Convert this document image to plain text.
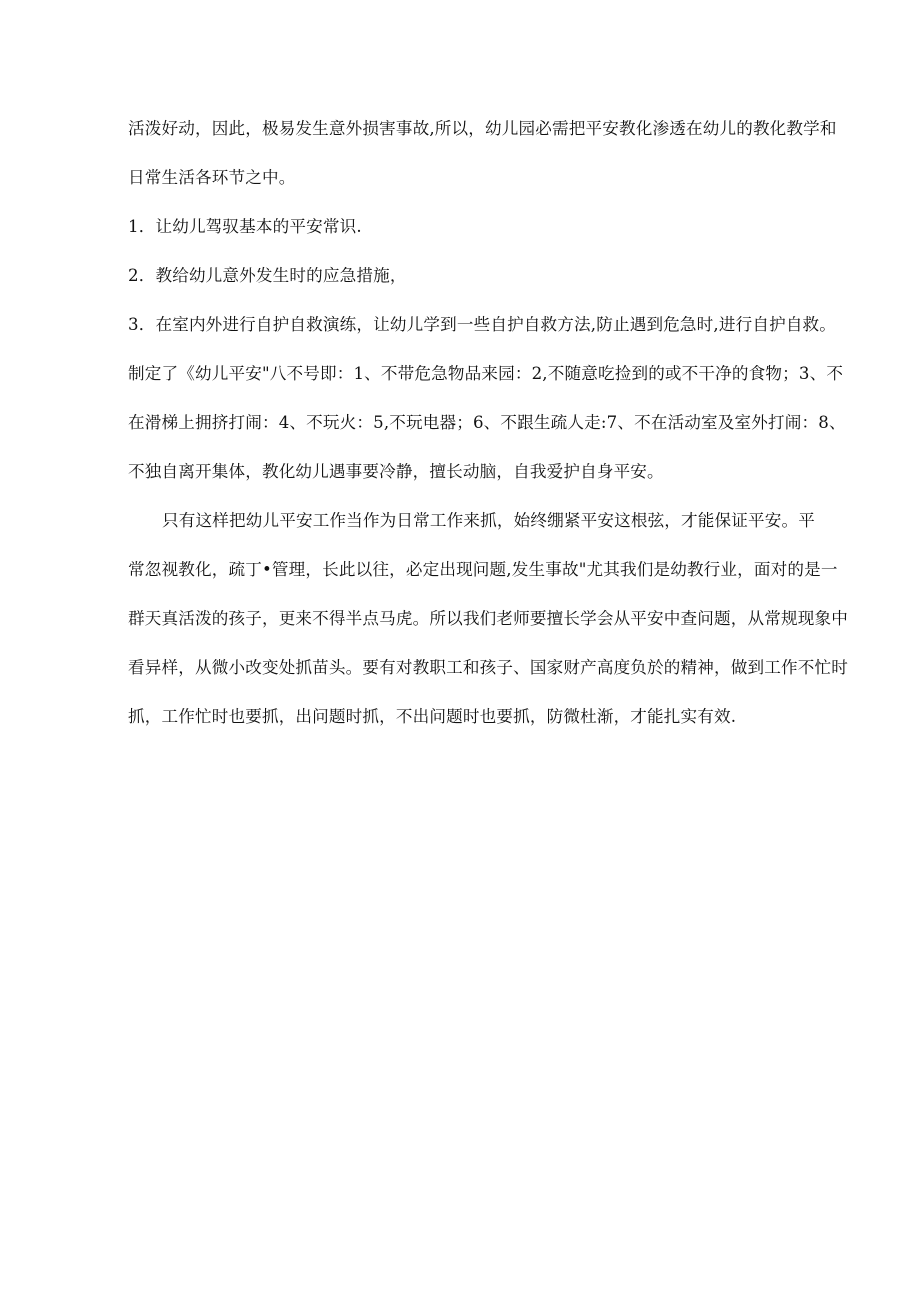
活泼好动，因此，极易发生意外损害事故,所以，幼儿园必需把平安教化渗透在幼儿的教化教学和

日常生活各环节之中。

1．让幼儿驾驭基本的平安常识.

2．教给幼儿意外发生时的应急措施，

3．在室内外进行自护自救演练，让幼儿学到一些自护自救方法,防止遇到危急时,进行自护自救。

制定了《幼儿平安"八不号即：1、不带危急物品来园：2,不随意吃捡到的或不干净的食物；3、不

在滑梯上拥挤打闹：4、不玩火：5,不玩电器；6、不跟生疏人走:7、不在活动室及室外打闹：8、

不独自离开集体，教化幼儿遇事要冷静，擅长动脑，自我爱护自身平安。

只有这样把幼儿平安工作当作为日常工作来抓，始终绷紧平安这根弦，才能保证平安。平

常忽视教化，疏丁•管理，长此以往，必定出现问题,发生事故"尤其我们是幼教行业，面对的是一

群天真活泼的孩子，更来不得半点马虎。所以我们老师要擅长学会从平安中查问题，从常规现象中

看异样，从微小改变处抓苗头。要有对教职工和孩子、国家财产高度负於的精神，做到工作不忙时

抓，工作忙时也要抓，出问题时抓，不出问题时也要抓，防微杜渐，才能扎实有效.
